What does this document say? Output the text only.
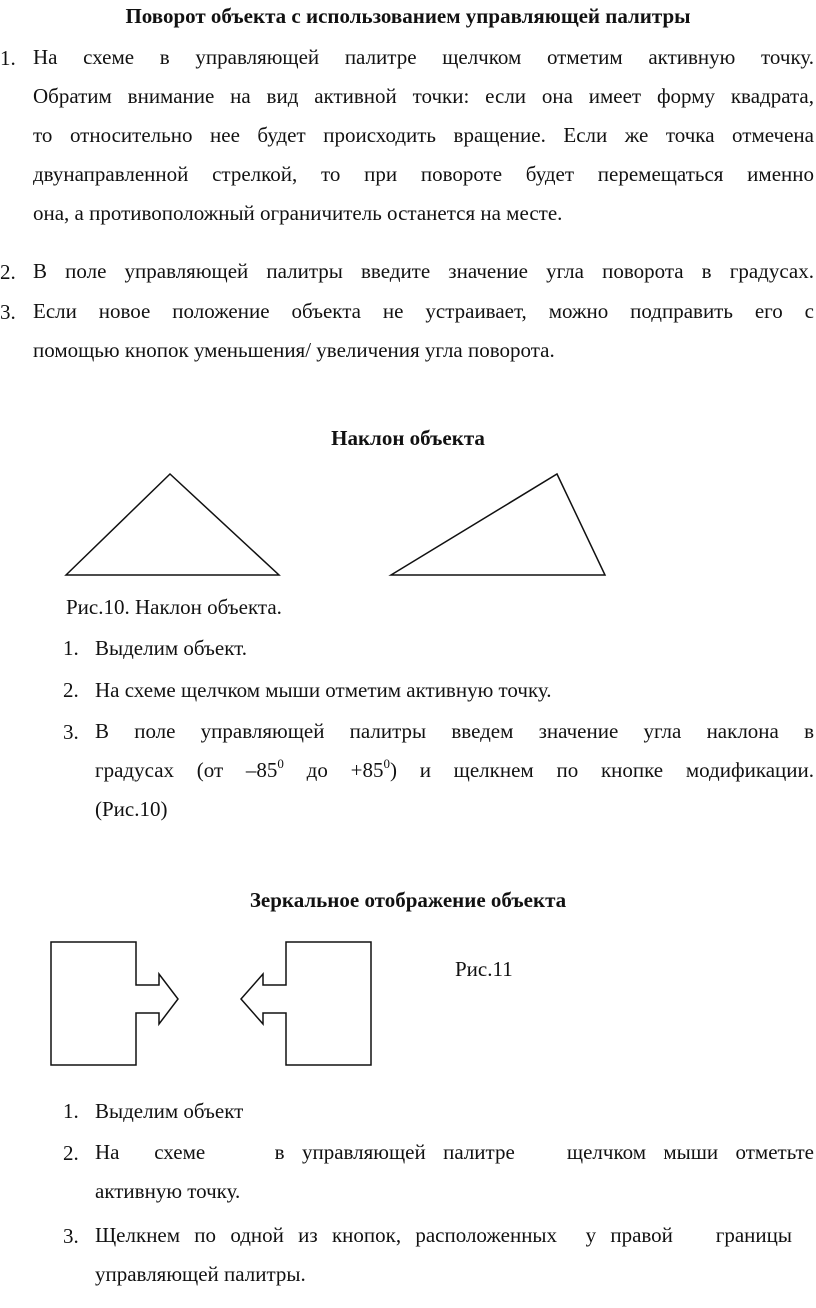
Поворот объекта с использованием управляющей палитры
1. На схеме в управляющей палитре щелчком отметим активную точку.
Обратим внимание на вид активной точки: если она имеет форму квадрата,
то относительно нее будет происходить вращение. Если же точка отмечена
двунаправленной стрелкой, то при повороте будет перемещаться именно
она, а противоположный ограничитель останется на месте.
2. В поле управляющей палитры введите значение угла поворота в градусах.
3. Если новое положение объекта не устраивает, можно подправить его с
помощью кнопок уменьшения/ увеличения угла поворота.
Наклон объекта
Рис.10. Наклон объекта.
1. Выделим объект.
2. На схеме щелчком мыши отметим активную точку.
3. В поле управляющей палитры введем значение угла наклона в
градусах (от $-85^0$ до $+85^0$) и щелкнем по кнопке модификации.
(Рис.10)
Зеркальное отображение объекта
Рис.11
1. Выделим объект
2. На  схеме    в управляющей палитре   щелчком мыши отметьте
активную точку.
3. Щелкнем по одной из кнопок, расположенных  у правой   границы
управляющей палитры.
